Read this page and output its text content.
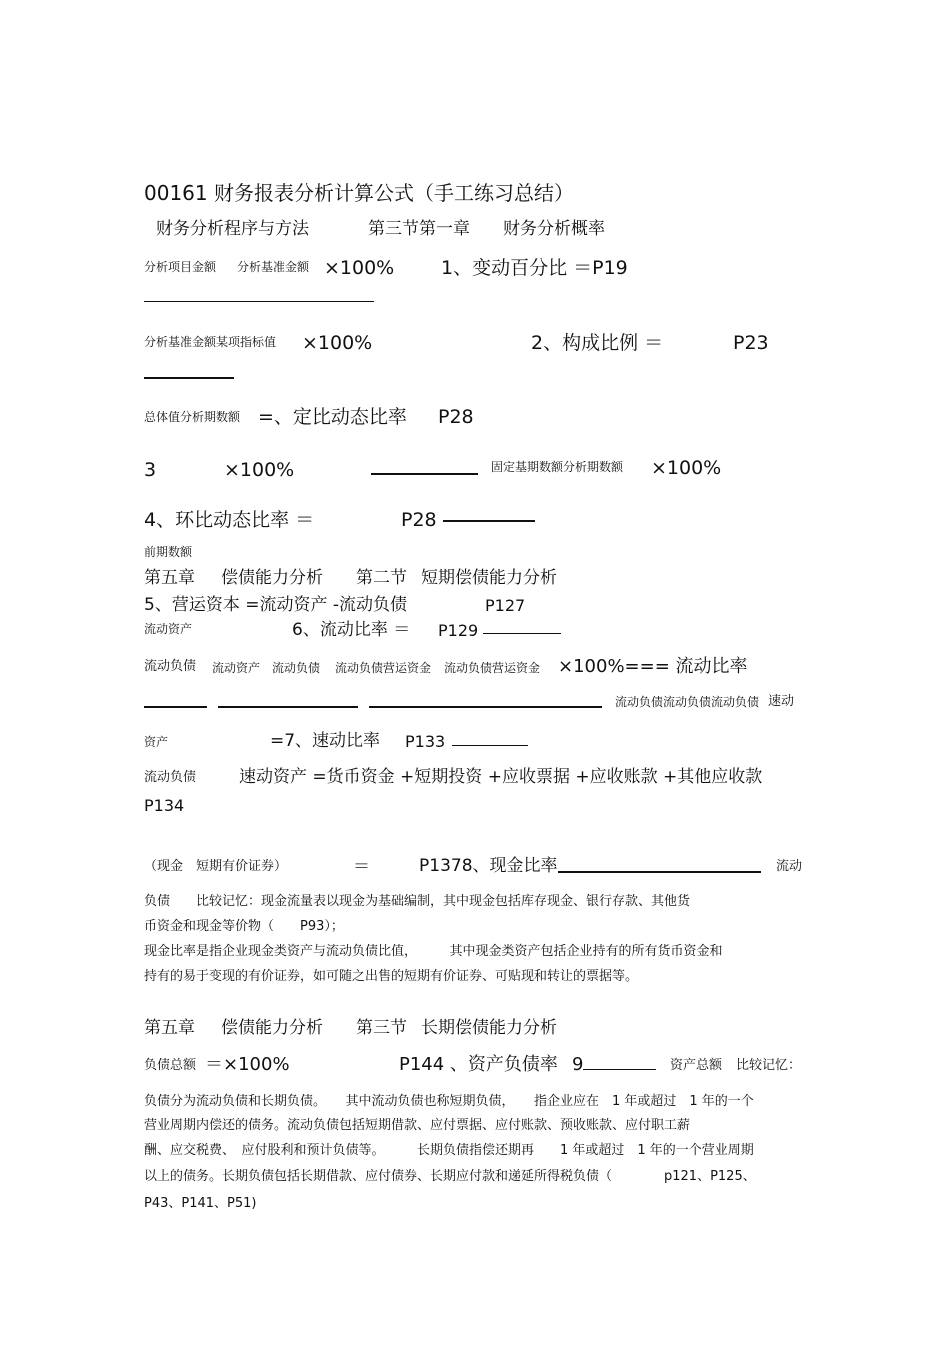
00161 财务报表分析计算公式（手工练习总结）
财务分析程序与方法	第三节第一章 财务分析概率
分析项目金额 分析基准金额 ×100% 1、变动百分比 ＝P19
分析基准金额某项指标值 ×100%	2、构成比例 ＝	P23
总体值分析期数额 =、定比动态比率 P28
3	×100%	固定基期数额分析期数额 ×100%
4、环比动态比率 ＝	P28
前期数额
第五章 偿债能力分析 第二节 短期偿债能力分析
5、营运资本 =流动资产 -流动负债	P127
流动资产	6、流动比率 ＝ P129
流动负债 流动资产 流动负债 流动负债营运资金 流动负债营运资金 ×100%=== 流动比率
流动负债流动负债流动负债 速动
资产	=7、速动比率 P133
流动负债	速动资产 =货币资金 +短期投资 +应收票据 +应收账款 +其他应收款
P134
（现金　短期有价证券）	＝	P1378、现金比率	流动
负债　　比较记忆：现金流量表以现金为基础编制，其中现金包括库存现金、银行存款、其他货
币资金和现金等价物（　　P93）；
现金比率是指企业现金类资产与流动负债比值，　　　其中现金类资产包括企业持有的所有货币资金和
持有的易于变现的有价证券，如可随之出售的短期有价证券、可贴现和转让的票据等。
第五章 偿债能力分析 第三节 长期偿债能力分析
负债总额 ＝×100%	P144 、资产负债率 9	资产总额 比较记忆：
负债分为流动负债和长期负债。　　其中流动负债也称短期负债，　　指企业应在　1 年或超过　1 年的一个
营业周期内偿还的债务。流动负债包括短期借款、应付票据、应付账款、预收账款、应付职工薪
酬、应交税费、　应付股利和预计负债等。　　　长期负债指偿还期再　　1 年或超过　1 年的一个营业周期
以上的债务。长期负债包括长期借款、应付债券、长期应付款和递延所得税负债（　　　　p121、P125、
P43、P141、P51)
